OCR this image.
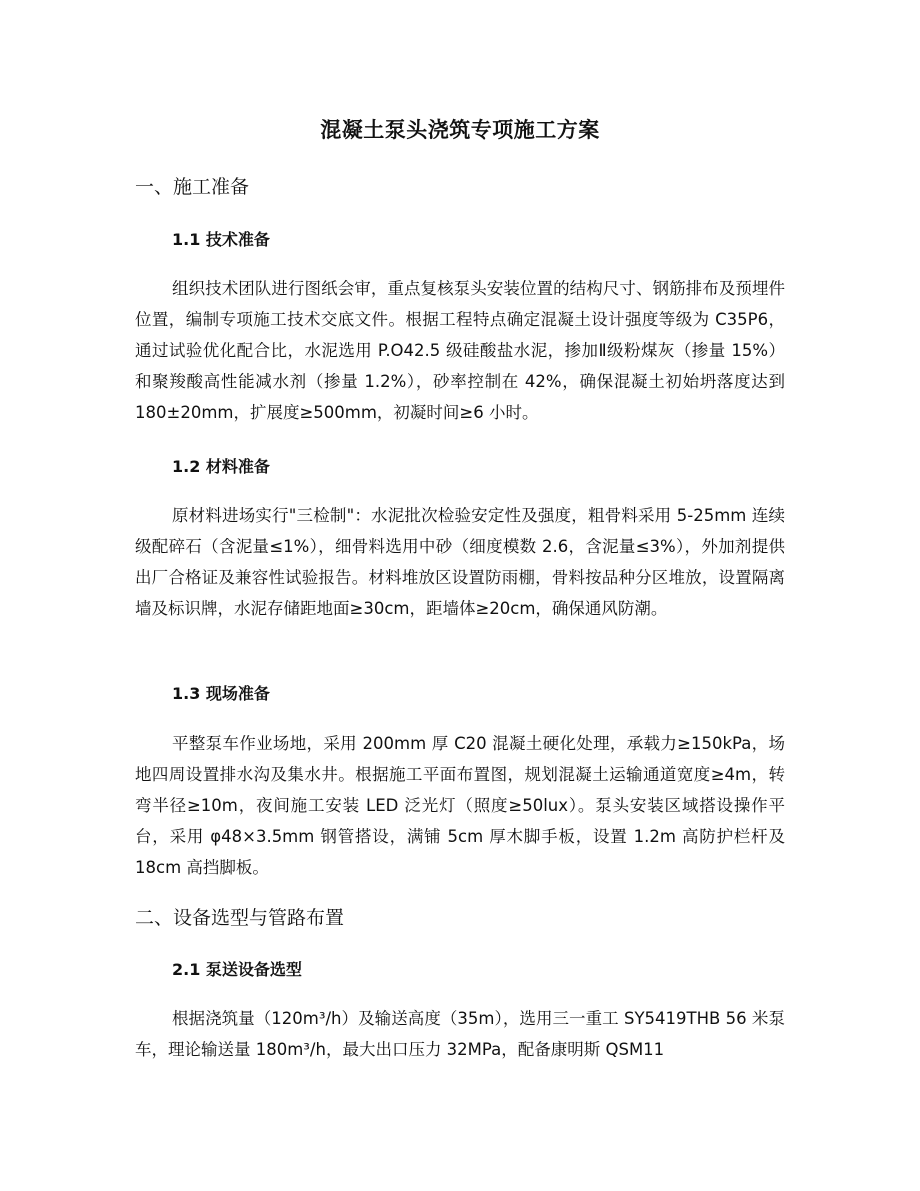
混凝土泵头浇筑专项施工方案
一、施工准备
1.1 技术准备

组织技术团队进行图纸会审，重点复核泵头安装位置的结构尺寸、钢筋排布及预埋件位置，编制专项施工技术交底文件。根据工程特点确定混凝土设计强度等级为 C35P6，通过试验优化配合比，水泥选用 P.O42.5 级硅酸盐水泥，掺加Ⅱ级粉煤灰（掺量 15%）和聚羧酸高性能减水剂（掺量 1.2%），砂率控制在 42%，确保混凝土初始坍落度达到 180±20mm，扩展度≥500mm，初凝时间≥6 小时。

1.2 材料准备

原材料进场实行"三检制"：水泥批次检验安定性及强度，粗骨料采用 5-25mm 连续级配碎石（含泥量≤1%），细骨料选用中砂（细度模数 2.6，含泥量≤3%），外加剂提供出厂合格证及兼容性试验报告。材料堆放区设置防雨棚，骨料按品种分区堆放，设置隔离墙及标识牌，水泥存储距地面≥30cm，距墙体≥20cm，确保通风防潮。

1.3 现场准备

平整泵车作业场地，采用 200mm 厚 C20 混凝土硬化处理，承载力≥150kPa，场地四周设置排水沟及集水井。根据施工平面布置图，规划混凝土运输通道宽度≥4m，转弯半径≥10m，夜间施工安装 LED 泛光灯（照度≥50lux）。泵头安装区域搭设操作平台，采用 φ48×3.5mm 钢管搭设，满铺 5cm 厚木脚手板，设置 1.2m 高防护栏杆及 18cm 高挡脚板。

二、设备选型与管路布置
2.1 泵送设备选型

根据浇筑量（120m³/h）及输送高度（35m），选用三一重工 SY5419THB 56 米泵车，理论输送量 180m³/h，最大出口压力 32MPa，配备康明斯 QSM11
